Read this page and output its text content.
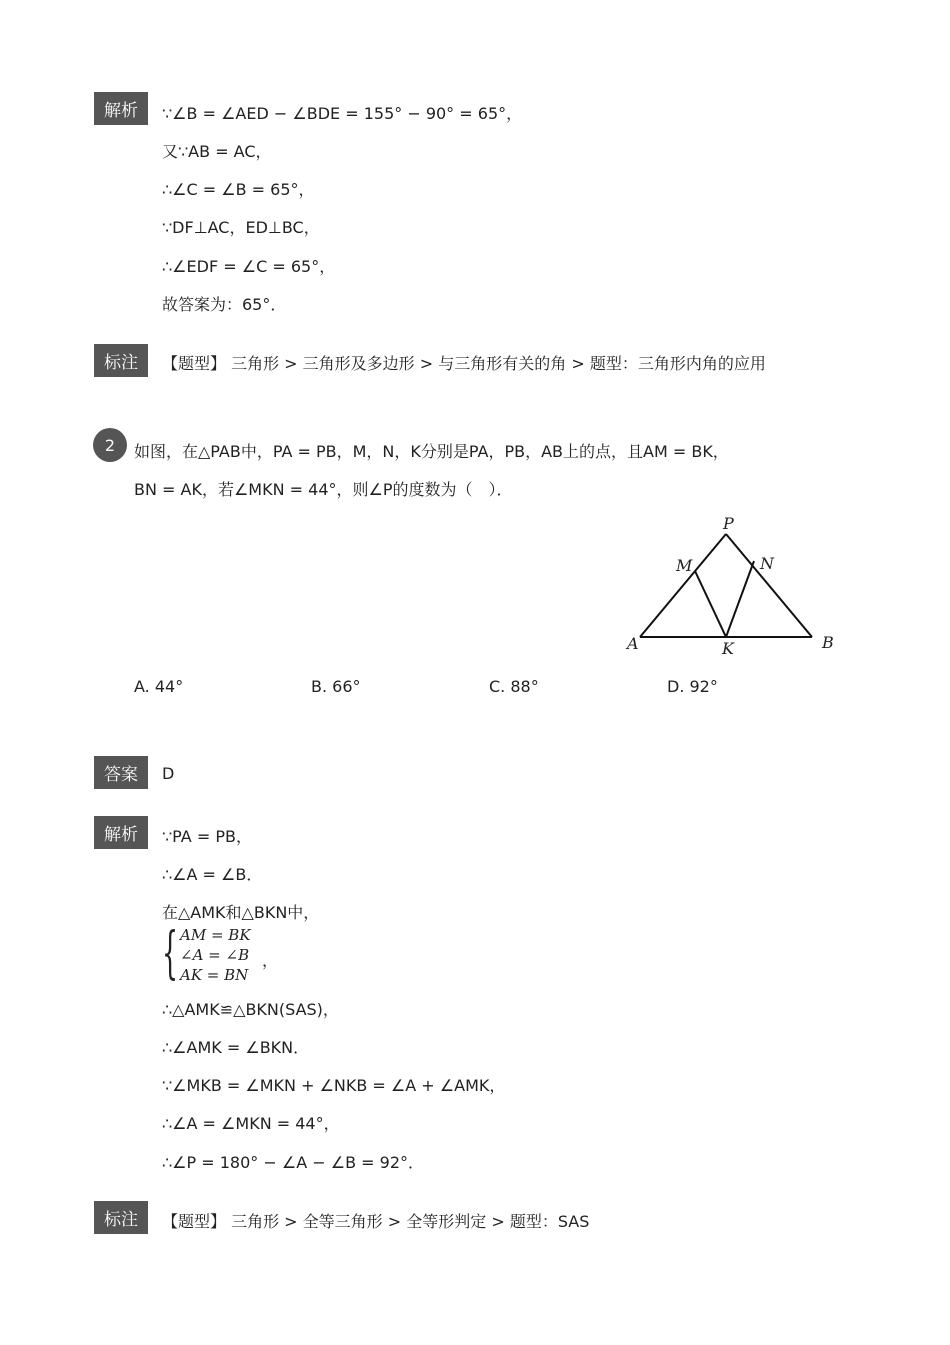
解析	∵∠B = ∠AED − ∠BDE = 155° − 90° = 65°，
又∵AB = AC，
∴∠C = ∠B = 65°，
∵DF⊥AC，ED⊥BC，
∴∠EDF = ∠C = 65°，
故答案为：65°．
标注	【题型】 三角形 > 三角形及多边形 > 与三角形有关的角 > 题型：三角形内角的应用
2	如图，在△PAB中，PA = PB，M，N，K分别是PA，PB，AB上的点，且AM = BK，
BN = AK，若∠MKN = 44°，则∠P的度数为（　）．
P
M	N
A	K	B
A. 44°	B. 66°	C. 88°	D. 92°
答案	D
解析	∵PA = PB，
∴∠A = ∠B．
在△AMK和△BKN中，
{ AM = BK
∠A = ∠B
AK = BN
，
∴△AMK≌△BKN(SAS)，
∴∠AMK = ∠BKN．
∵∠MKB = ∠MKN + ∠NKB = ∠A + ∠AMK，
∴∠A = ∠MKN = 44°，
∴∠P = 180° − ∠A − ∠B = 92°．
标注	【题型】 三角形 > 全等三角形 > 全等形判定 > 题型：SAS
